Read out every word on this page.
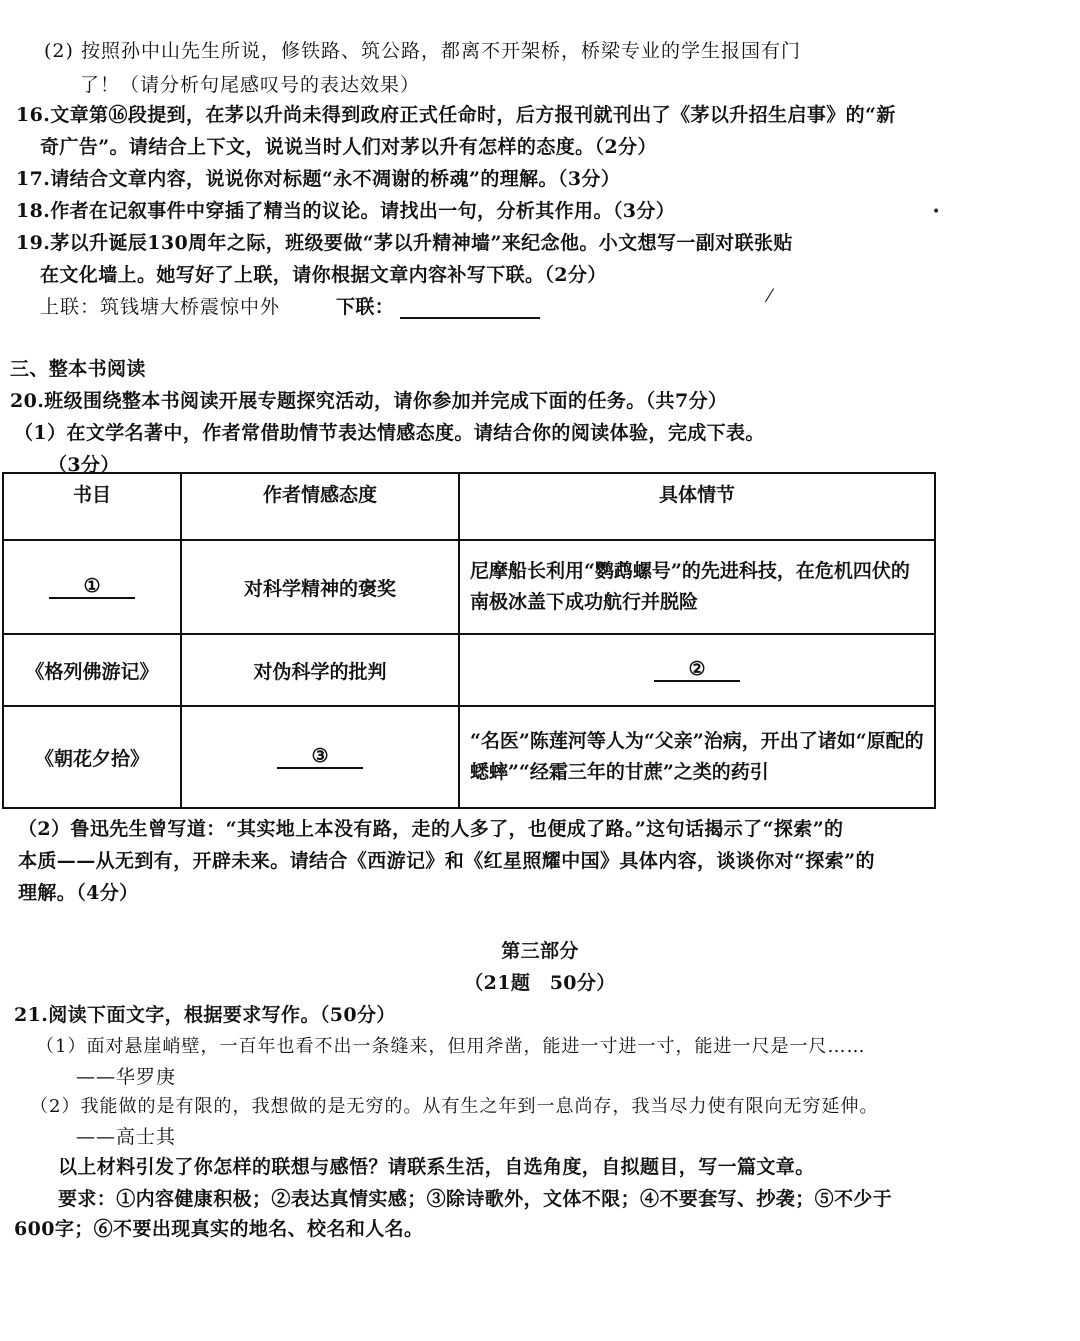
(2) 按照孙中山先生所说，修铁路、筑公路，都离不开架桥，桥梁专业的学生报国有门
了！（请分析句尾感叹号的表达效果）
16.文章第⑯段提到，在茅以升尚未得到政府正式任命时，后方报刊就刊出了《茅以升招生启事》的“新
奇广告”。请结合上下文，说说当时人们对茅以升有怎样的态度。（2分）
17.请结合文章内容，说说你对标题“永不凋谢的桥魂”的理解。（3分）
18.作者在记叙事件中穿插了精当的议论。请找出一句，分析其作用。（3分）
19.茅以升诞辰130周年之际，班级要做“茅以升精神墙”来纪念他。小文想写一副对联张贴
在文化墙上。她写好了上联，请你根据文章内容补写下联。（2分）
上联：筑钱塘大桥震惊中外	下联：
三、整本书阅读
20.班级围绕整本书阅读开展专题探究活动，请你参加并完成下面的任务。（共7分）
（1）在文学名著中，作者常借助情节表达情感态度。请结合你的阅读体验，完成下表。
（3分）
书目	作者情感态度	具体情节
①	对科学精神的褒奖	尼摩船长利用“鹦鹉螺号”的先进科技，在危机四伏的南极冰盖下成功航行并脱险
《格列佛游记》	对伪科学的批判	②
《朝花夕拾》	③	“名医”陈莲河等人为“父亲”治病，开出了诸如“原配的蟋蟀”“经霜三年的甘蔗”之类的药引
（2）鲁迅先生曾写道：“其实地上本没有路，走的人多了，也便成了路。”这句话揭示了“探索”的
本质——从无到有，开辟未来。请结合《西游记》和《红星照耀中国》具体内容，谈谈你对“探索”的
理解。（4分）
第三部分
（21题　50分）
21.阅读下面文字，根据要求写作。（50分）
（1）面对悬崖峭壁，一百年也看不出一条缝来，但用斧凿，能进一寸进一寸，能进一尺是一尺……
——华罗庚
（2）我能做的是有限的，我想做的是无穷的。从有生之年到一息尚存，我当尽力使有限向无穷延伸。
——高士其
以上材料引发了你怎样的联想与感悟？请联系生活，自选角度，自拟题目，写一篇文章。
要求：①内容健康积极；②表达真情实感；③除诗歌外，文体不限；④不要套写、抄袭；⑤不少于
600字；⑥不要出现真实的地名、校名和人名。
•
⁄
